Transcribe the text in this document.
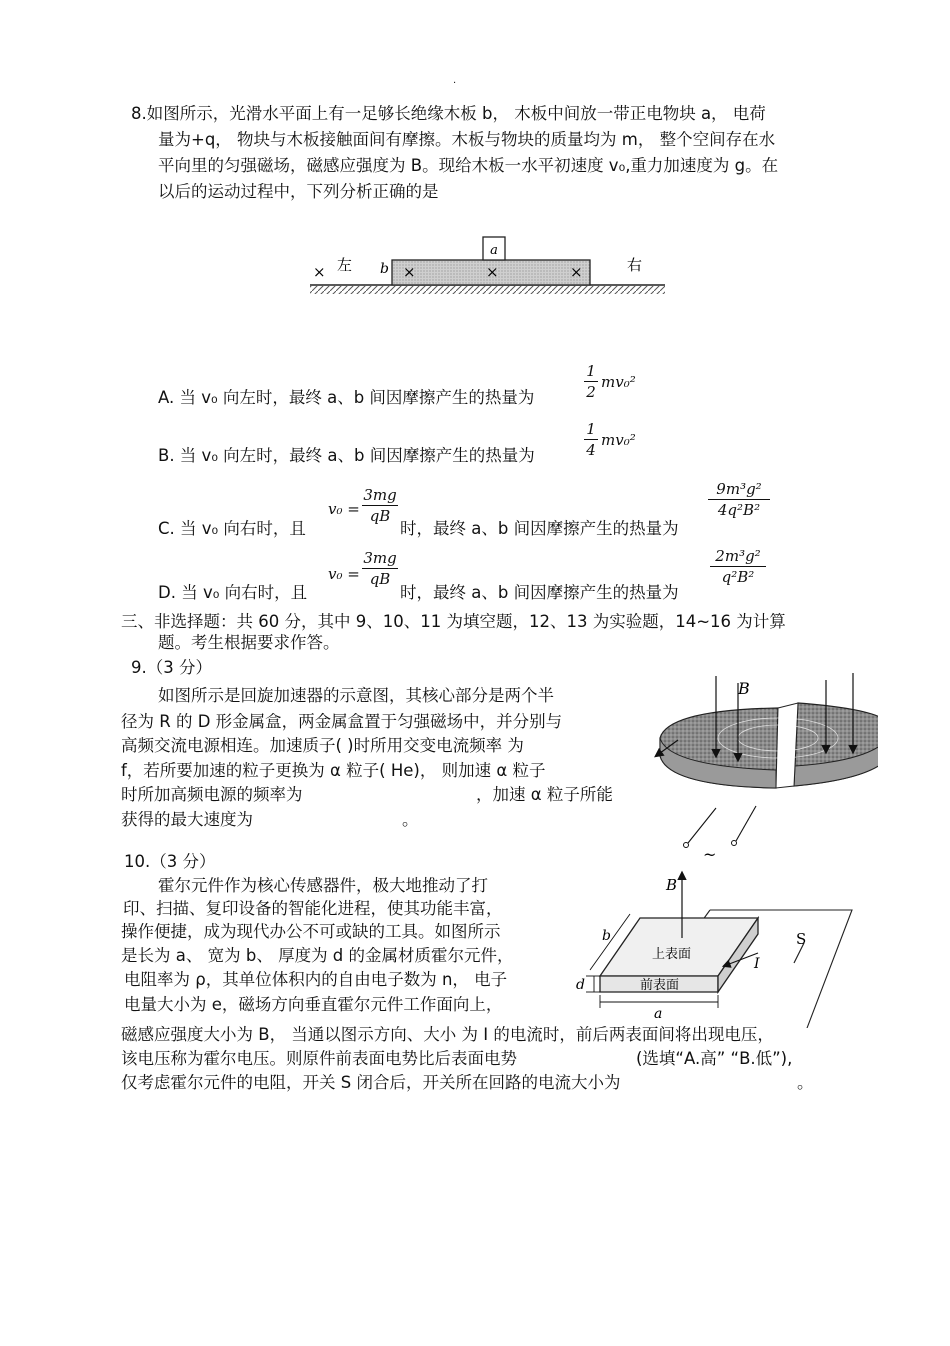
·
8.如图所示，光滑水平面上有一足够长绝缘木板 b， 木板中间放一带正电物块 a， 电荷
量为+q， 物块与木板接触面间有摩擦。木板与物块的质量均为 m， 整个空间存在水
平向里的匀强磁场，磁感应强度为 B。现给木板一水平初速度 v₀,重力加速度为 g。在
以后的运动过程中，下列分析正确的是
a
b
×	×	×	×
左	右
A. 当 v₀ 向左时，最终 a、b 间因摩擦产生的热量为
1
2
mv₀²
B. 当 v₀ 向左时，最终 a、b 间因摩擦产生的热量为
1
4
mv₀²
C. 当 v₀ 向右时，且
v₀ =
3mg
qB
时，最终 a、b 间因摩擦产生的热量为
9m³g²
4q²B²
D. 当 v₀ 向右时，且
v₀ =
3mg
qB
时，最终 a、b 间因摩擦产生的热量为
2m³g²
q²B²
三、非选择题：共 60 分，其中 9、10、11 为填空题，12、13 为实验题，14~16 为计算
题。考生根据要求作答。
9.（3 分）
如图所示是回旋加速器的示意图，其核心部分是两个半
径为 R 的 D 形金属盒，两金属盒置于匀强磁场中，并分别与
高频交流电源相连。加速质子( )时所用交变电流频率 为
f，若所要加速的粒子更换为 α 粒子( He)， 则加速 α 粒子
时所加高频电源的频率为	，加速 α 粒子所能
获得的最大速度为	。
B
~
10.（3 分）
霍尔元件作为核心传感器件，极大地推动了打
印、扫描、复印设备的智能化进程，使其功能丰富，
操作便捷，成为现代办公不可或缺的工具。如图所示
是长为 a、 宽为 b、 厚度为 d 的金属材质霍尔元件，
电阻率为 ρ，其单位体积内的自由电子数为 n， 电子
电量大小为 e，磁场方向垂直霍尔元件工作面向上，
磁感应强度大小为 B， 当通以图示方向、大小 为 I 的电流时，前后两表面间将出现电压，
该电压称为霍尔电压。则原件前表面电势比后表面电势	(选填“A.高” “B.低”),
仅考虑霍尔元件的电阻，开关 S 闭合后，开关所在回路的电流大小为	。
S
上表面
前表面
B
I
b
d
a
